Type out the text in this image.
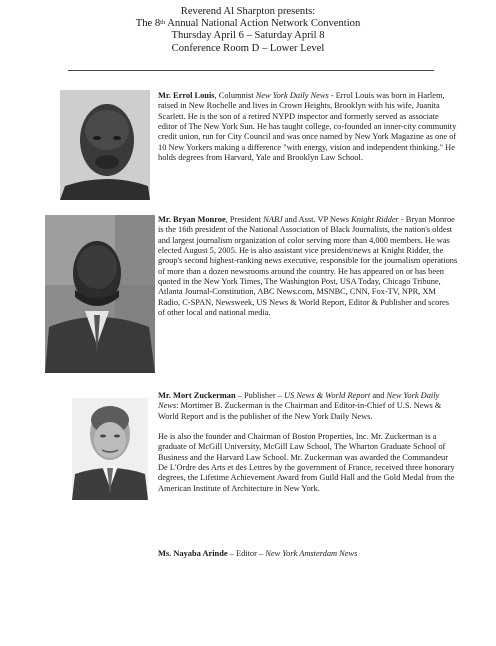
Reverend Al Sharpton presents:
The 8th Annual National Action Network Convention
Thursday April 6 – Saturday April 8
Conference Room D – Lower Level

Mr. Errol Louis, Columnist New York Daily News - Errol Louis was born in Harlem, raised in New Rochelle and lives in Crown Heights, Brooklyn with his wife, Juanita Scarlett. He is the son of a retired NYPD inspector and formerly served as associate editor of The New York Sun. He has taught college, co-founded an inner-city community credit union, run for City Council and was once named by New York Magazine as one of 10 New Yorkers making a difference "with energy, vision and independent thinking." He holds degrees from Harvard, Yale and Brooklyn Law School.

Mr. Bryan Monroe, President NABJ and Asst. VP News Knight Ridder - Bryan Monroe is the 16th president of the National Association of Black Journalists, the nation's oldest and largest journalism organization of color serving more than 4,000 members. He was elected August 5, 2005. He is also assistant vice president/news at Knight Ridder, the group's second highest-ranking news executive, responsible for the journalism operations of more than a dozen newsrooms around the country. He has appeared on or has been quoted in the New York Times, The Washington Post, USA Today, Chicago Tribune, Atlanta Journal-Constitution, ABC News.com, MSNBC, CNN, Fox-TV, NPR, XM Radio, C-SPAN, Newsweek, US News & World Report, Editor & Publisher and scores of other local and national media.

Mr. Mort Zuckerman – Publisher – US News & World Report and New York Daily News: Mortimer B. Zuckerman is the Chairman and Editor-in-Chief of U.S. News & World Report and is the publisher of the New York Daily News.

He is also the founder and Chairman of Boston Properties, Inc. Mr. Zuckerman is a graduate of McGill University, McGill Law School, The Wharton Graduate School of Business and the Harvard Law School. Mr. Zuckerman was awarded the Commandeur De L'Ordre des Arts et des Lettres by the government of France, received three honorary degrees, the Lifetime Achievement Award from Guild Hall and the Gold Medal from the American Institute of Architecture in New York.

Ms. Nayaba Arinde – Editor – New York Amsterdam News
